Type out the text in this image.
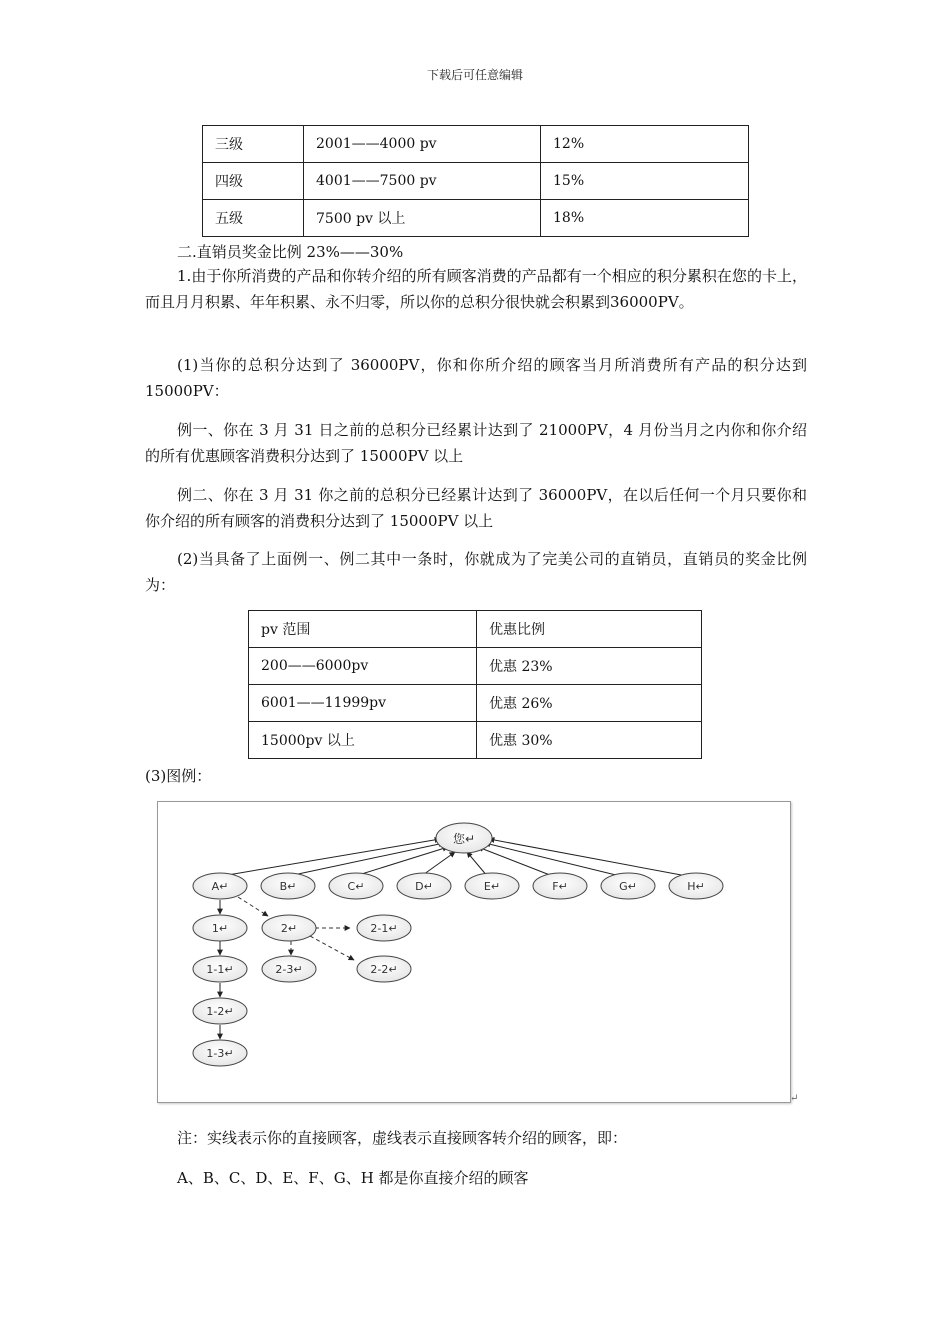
下载后可任意编辑
三级	2001——4000 pv	12%
四级	4001——7500 pv	15%
五级	7500 pv 以上	18%

二.直销员奖金比例 23%——30%

1.由于你所消费的产品和你转介绍的所有顾客消费的产品都有一个相应的积分累积在您的卡上，而且月月积累、年年积累、永不归零，所以你的总积分很快就会积累到36000PV。

(1)当你的总积分达到了 36000PV，你和你所介绍的顾客当月所消费所有产品的积分达到 15000PV：

例一、你在 3 月 31 日之前的总积分已经累计达到了 21000PV，4 月份当月之内你和你介绍的所有优惠顾客消费积分达到了 15000PV 以上

例二、你在 3 月 31 你之前的总积分已经累计达到了 36000PV，在以后任何一个月只要你和你介绍的所有顾客的消费积分达到了 15000PV 以上

(2)当具备了上面例一、例二其中一条时，你就成为了完美公司的直销员，直销员的奖金比例为：

pv 范围	优惠比例
200——6000pv	优惠 23%
6001——11999pv	优惠 26%
15000pv 以上	优惠 30%

(3)图例：

您↵
A↵	B↵	C↵	D↵	E↵	F↵	G↵	H↵
1↵
1-1↵
1-2↵
1-3↵
2↵
2-3↵
2-1↵
2-2↵
↵

注：实线表示你的直接顾客，虚线表示直接顾客转介绍的顾客，即：

A、B、C、D、E、F、G、H 都是你直接介绍的顾客
